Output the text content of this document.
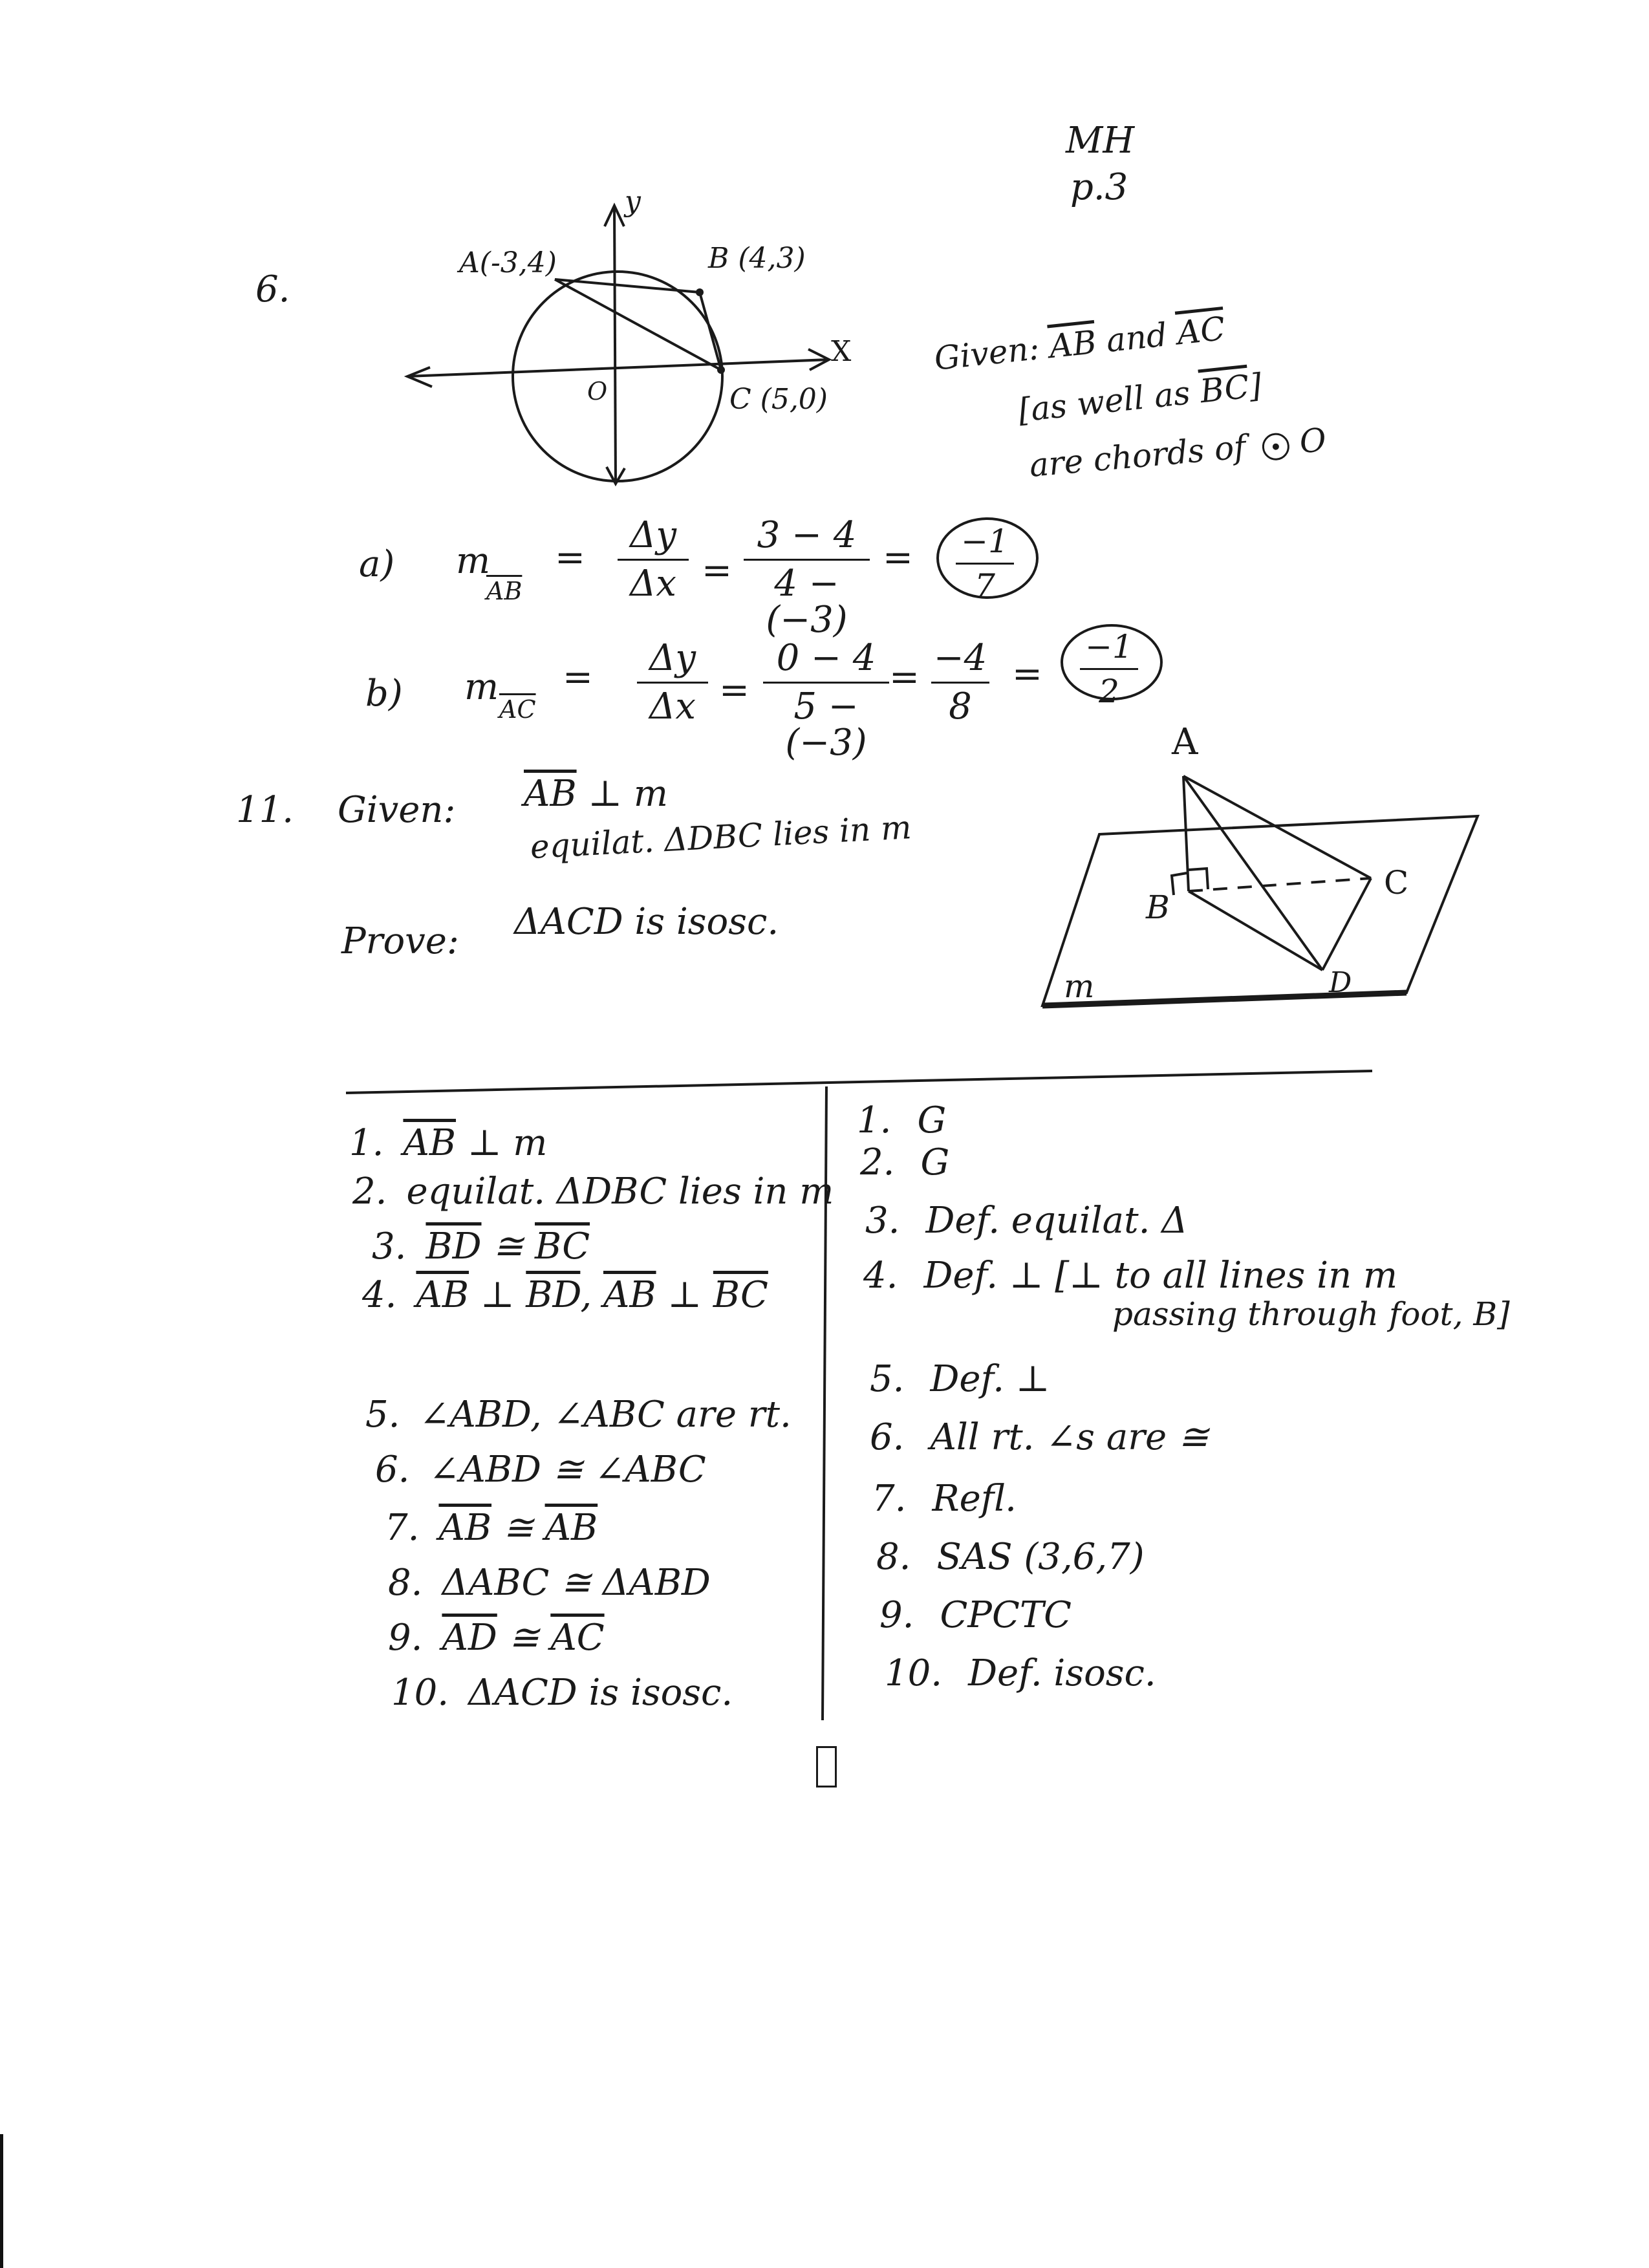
MH
p.3
6.
A(-3,4)	B (4,3)
C (5,0)
O
X
y
Given: $\overline{AB}$ and $\overline{AC}$
[as well as $\overline{BC}$]
are chords of O
a) m
$\overline{AB}$
=
Δy
Δx =
3 − 4
4 − (−3)
= −1
7
b) m
$\overline{AC}$
=	Δy
Δx =
0 − 4
5 − (−3)
= −4
8
=
−1
2
11. Given: $\overline{AB}$ ⊥ m
equilat. ΔDBC lies in m
Prove: ΔACD is isosc.
A
B
C
D
m
1. $\overline{AB}$ ⊥ m
2. equilat. ΔDBC lies in m
3. $\overline{BD}$ ≅ $\overline{BC}$
4. $\overline{AB}$ ⊥ $\overline{BD}$, $\overline{AB}$ ⊥ $\overline{BC}$
5. ∠ABD, ∠ABC are rt.
6. ∠ABD ≅ ∠ABC
7. $\overline{AB}$ ≅ $\overline{AB}$
8. ΔABC ≅ ΔABD
9. $\overline{AD}$ ≅ $\overline{AC}$
10. ΔACD is isosc.
1. G
2. G
3. Def. equilat. Δ
4. Def. ⊥ [⊥ to all lines in m
passing through foot, B]
5. Def. ⊥
6. All rt. ∠s are ≅
7. Refl.
8. SAS (3,6,7)
9. CPCTC
10. Def. isosc.
